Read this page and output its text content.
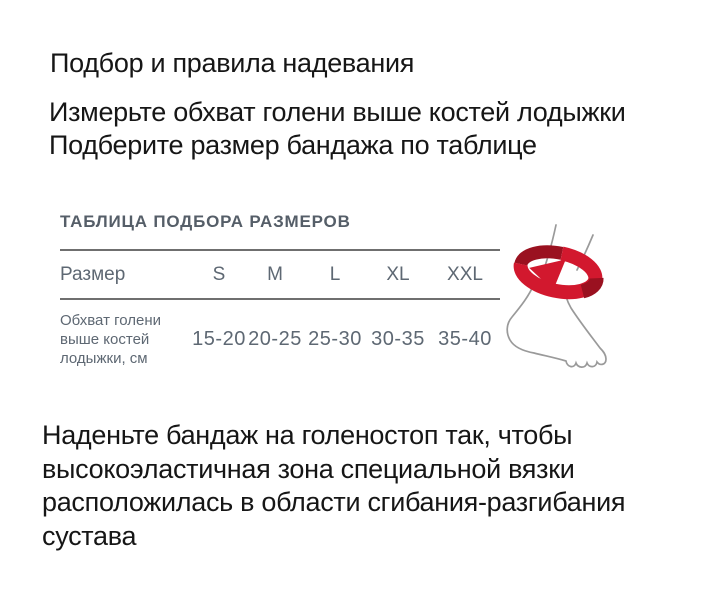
Подбор и правила надевания
Измерьте обхват голени выше костей лодыжки
Подберите размер бандажа по таблице
ТАБЛИЦА ПОДБОРА РАЗМЕРОВ
Размер	S	M	L	XL	XXL
Обхват голени
выше костей
лодыжки, см
15-20 20-25 25-30 30-35 35-40
Наденьте бандаж на голеностоп так, чтобы
высокоэластичная зона специальной вязки
расположилась в области сгибания-разгибания
сустава
